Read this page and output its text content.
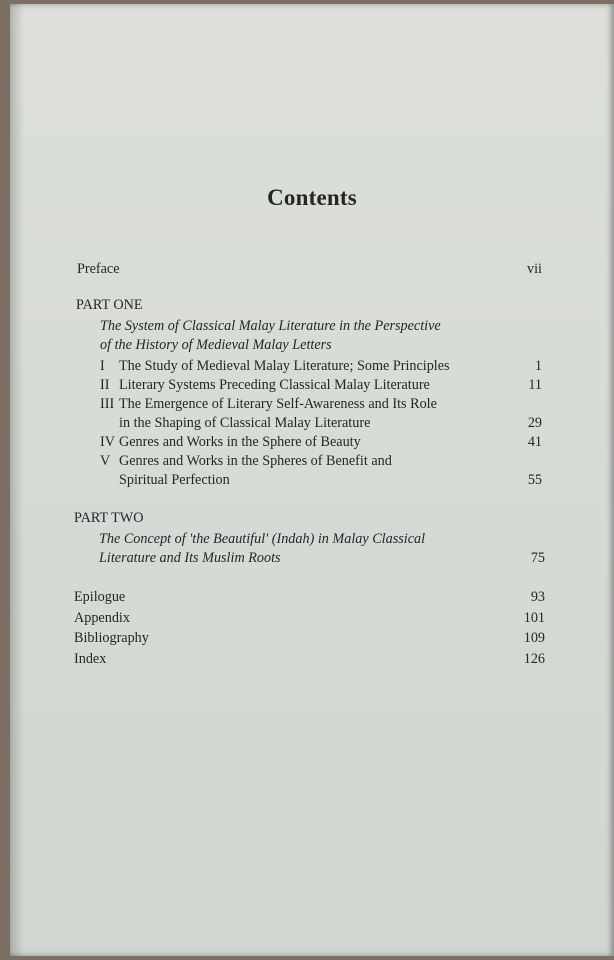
Contents
Preface	vii
PART ONE
The System of Classical Malay Literature in the Perspective
of the History of Medieval Malay Letters
I The Study of Medieval Malay Literature; Some Principles	1
II Literary Systems Preceding Classical Malay Literature	11
III The Emergence of Literary Self-Awareness and Its Role
in the Shaping of Classical Malay Literature	29
IV Genres and Works in the Sphere of Beauty	41
V Genres and Works in the Spheres of Benefit and
Spiritual Perfection	55
PART TWO
The Concept of 'the Beautiful' (Indah) in Malay Classical
Literature and Its Muslim Roots	75
Epilogue	93
Appendix	101
Bibliography	109
Index	126
